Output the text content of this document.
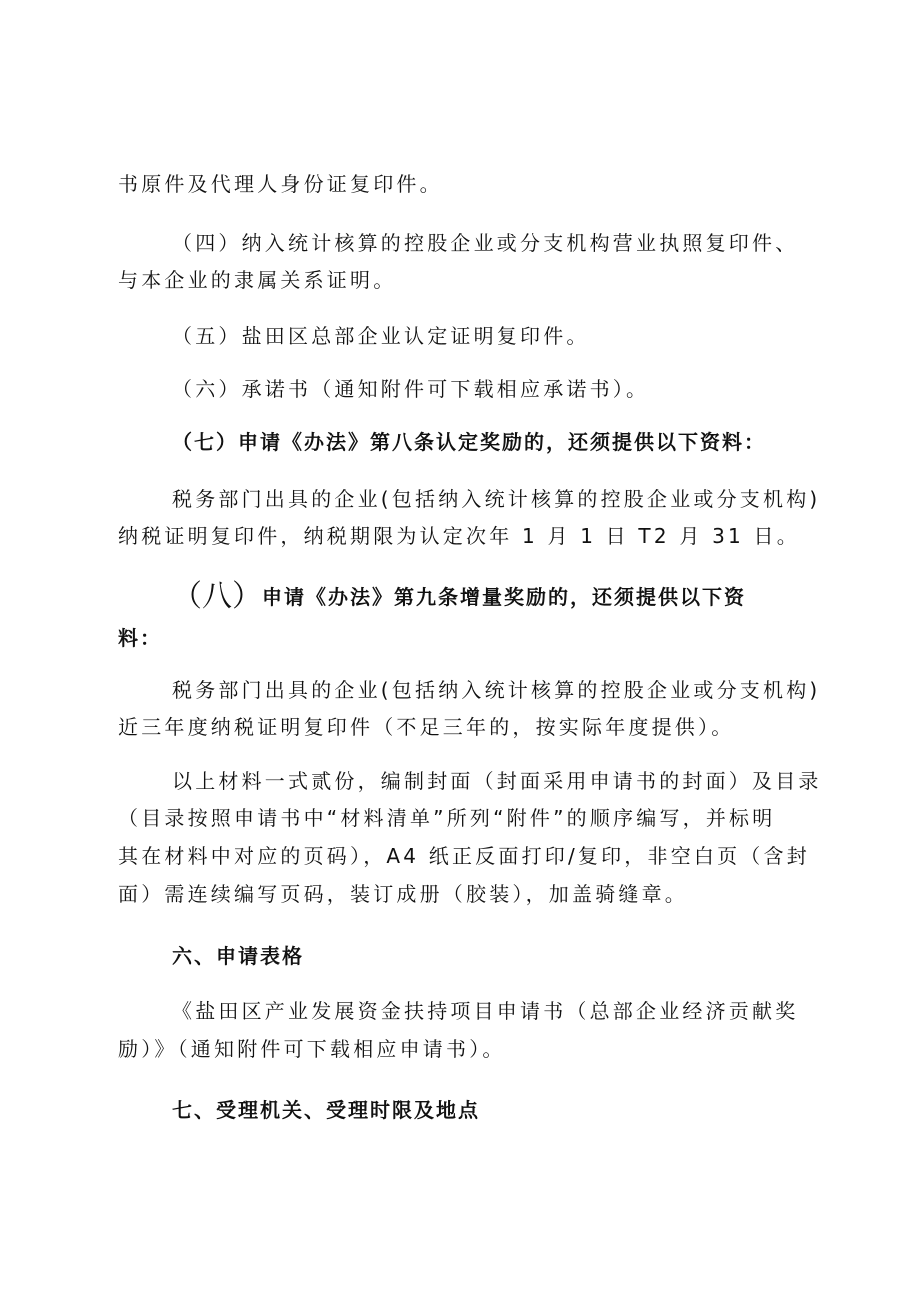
书原件及代理人身份证复印件。
（四）纳入统计核算的控股企业或分支机构营业执照复印件、
与本企业的隶属关系证明。
（五）盐田区总部企业认定证明复印件。
（六）承诺书（通知附件可下载相应承诺书）。
（七）申请《办法》第八条认定奖励的，还须提供以下资料：
税务部门出具的企业(包括纳入统计核算的控股企业或分支机构)
纳税证明复印件，纳税期限为认定次年 1 月 1 日 T2 月 31 日。
（八）申请《办法》第九条增量奖励的，还须提供以下资
料：
税务部门出具的企业(包括纳入统计核算的控股企业或分支机构)
近三年度纳税证明复印件（不足三年的，按实际年度提供）。
以上材料一式贰份，编制封面（封面采用申请书的封面）及目录
（目录按照申请书中“材料清单”所列“附件”的顺序编写，并标明
其在材料中对应的页码），A4 纸正反面打印/复印，非空白页（含封
面）需连续编写页码，装订成册（胶装），加盖骑缝章。
六、申请表格
《盐田区产业发展资金扶持项目申请书（总部企业经济贡献奖
励）》（通知附件可下载相应申请书）。
七、受理机关、受理时限及地点
